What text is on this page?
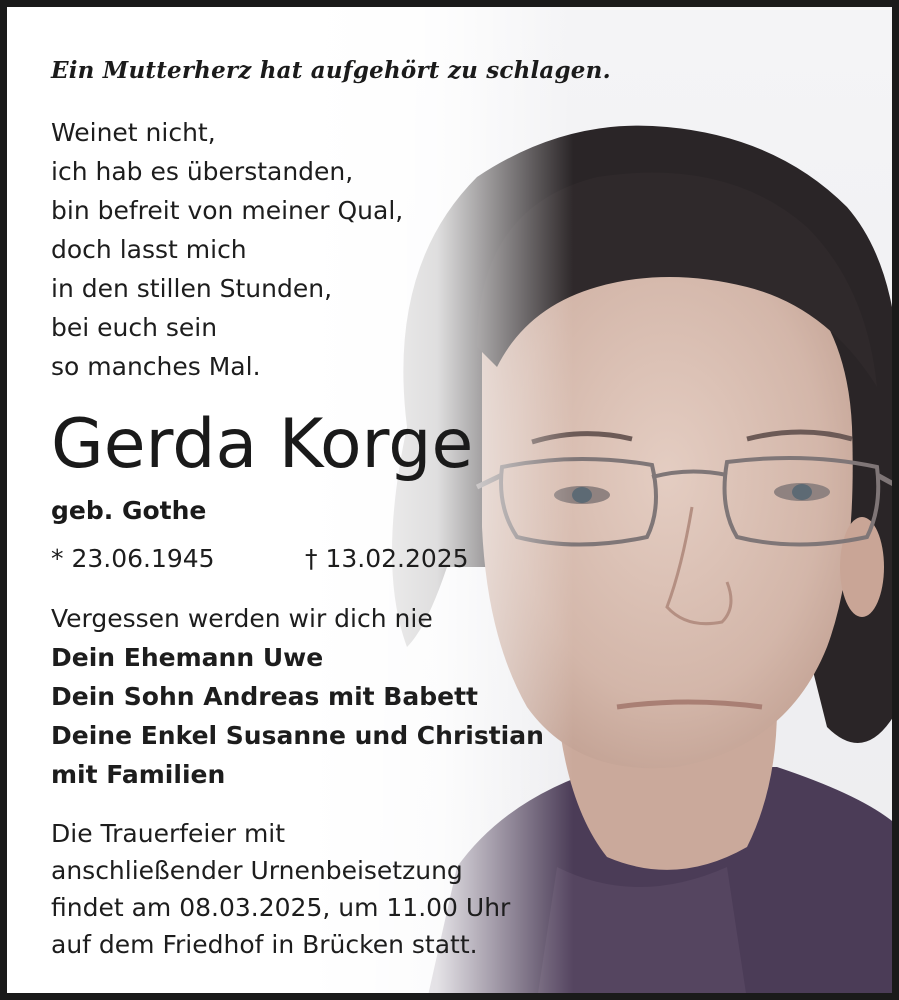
Ein Mutterherz hat aufgehört zu schlagen.
Weinet nicht,
ich hab es überstanden,
bin befreit von meiner Qual,
doch lasst mich
in den stillen Stunden,
bei euch sein
so manches Mal.
Gerda Korge
geb. Gothe
* 23.06.1945	† 13.02.2025
Vergessen werden wir dich nie
Dein Ehemann Uwe
Dein Sohn Andreas mit Babett
Deine Enkel Susanne und Christian
mit Familien
Die Trauerfeier mit
anschließender Urnenbeisetzung
findet am 08.03.2025, um 11.00 Uhr
auf dem Friedhof in Brücken statt.
